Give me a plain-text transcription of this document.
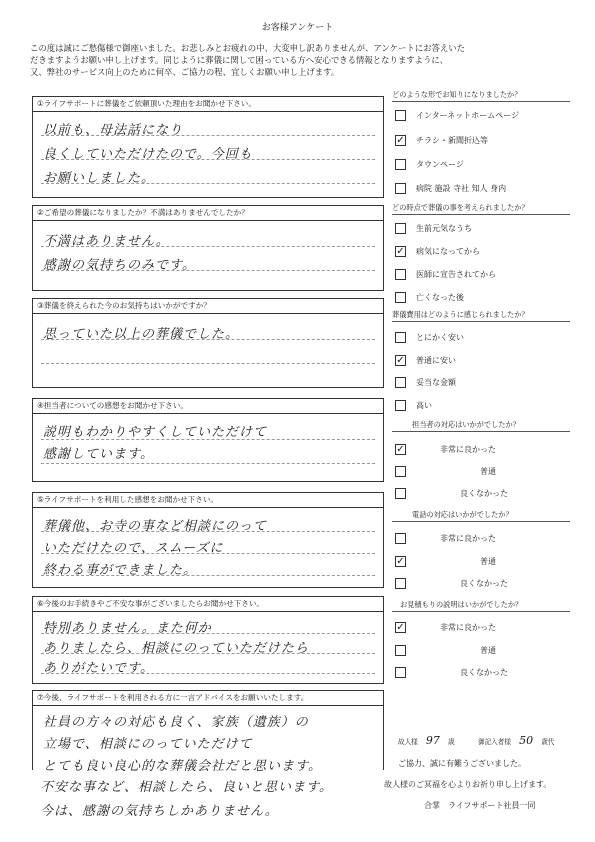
お客様アンケート
この度は誠にご愁傷様で御座いました。お悲しみとお疲れの中、大変申し訳ありませんが、アンケートにお答えいた
だきますようお願い申し上げます。同じように葬儀に関して困っている方へ安心できる情報となりますように、
又、弊社のサービス向上のために何卒、ご協力の程、宜しくお願い申し上げます。
①ライフサポートに葬儀をご依頼頂いた理由をお聞かせ下さい。
以前も、母法話になり
良くしていただけたので。今回も
お願いしました。
②ご希望の葬儀になりましたか？不満はありませんでしたか？
不満はありません。
感謝の気持ちのみです。
③葬儀を終えられた今のお気持ちはいかがですか？
思っていた以上の葬儀でした。
④担当者についての感想をお聞かせ下さい。
説明もわかりやすくしていただけて
感謝しています。
⑤ライフサポートを利用した感想をお聞かせ下さい。
葬儀他、お寺の事など相談にのって
いただけたので、スムーズに
終わる事ができました。
⑥今後のお手続きやご不安な事がございましたらお聞かせ下さい。
特別ありません。また何か
ありましたら、相談にのっていただけたら
ありがたいです。
⑦今後、ライフサポートを利用される方に一言アドバイスをお願いいたします。
社員の方々の対応も良く、家族（遺族）の
立場で、相談にのっていただけて
とても良い良心的な葬儀会社だと思います。
不安な事など、相談したら、良いと思います。
今は、感謝の気持ちしかありません。
どのような形でお知りになりましたか？
インターネットホームページ
✓ チラシ・新聞折込等
タウンページ
病院 施設 寺社 知人 身内
どの時点で葬儀の事を考えられましたか？
生前元気なうち
✓ 病気になってから
医師に宣告されてから
亡くなった後
葬儀費用はどのように感じられましたか？
とにかく安い
✓ 普通に安い
妥当な金額
高い
担当者の対応はいかがでしたか？
✓	非常に良かった
普通
良くなかった
電話の対応はいかがでしたか？
非常に良かった
✓	普通
良くなかった
お見積もりの説明はいかがでしたか？
✓	非常に良かった
普通
良くなかった
故人様 97 歳	御記入者様 50 歳代
ご協力、誠に有難うございました。
故人様のご冥福を心よりお祈り申し上げます。
合掌　ライフサポート社員一同
